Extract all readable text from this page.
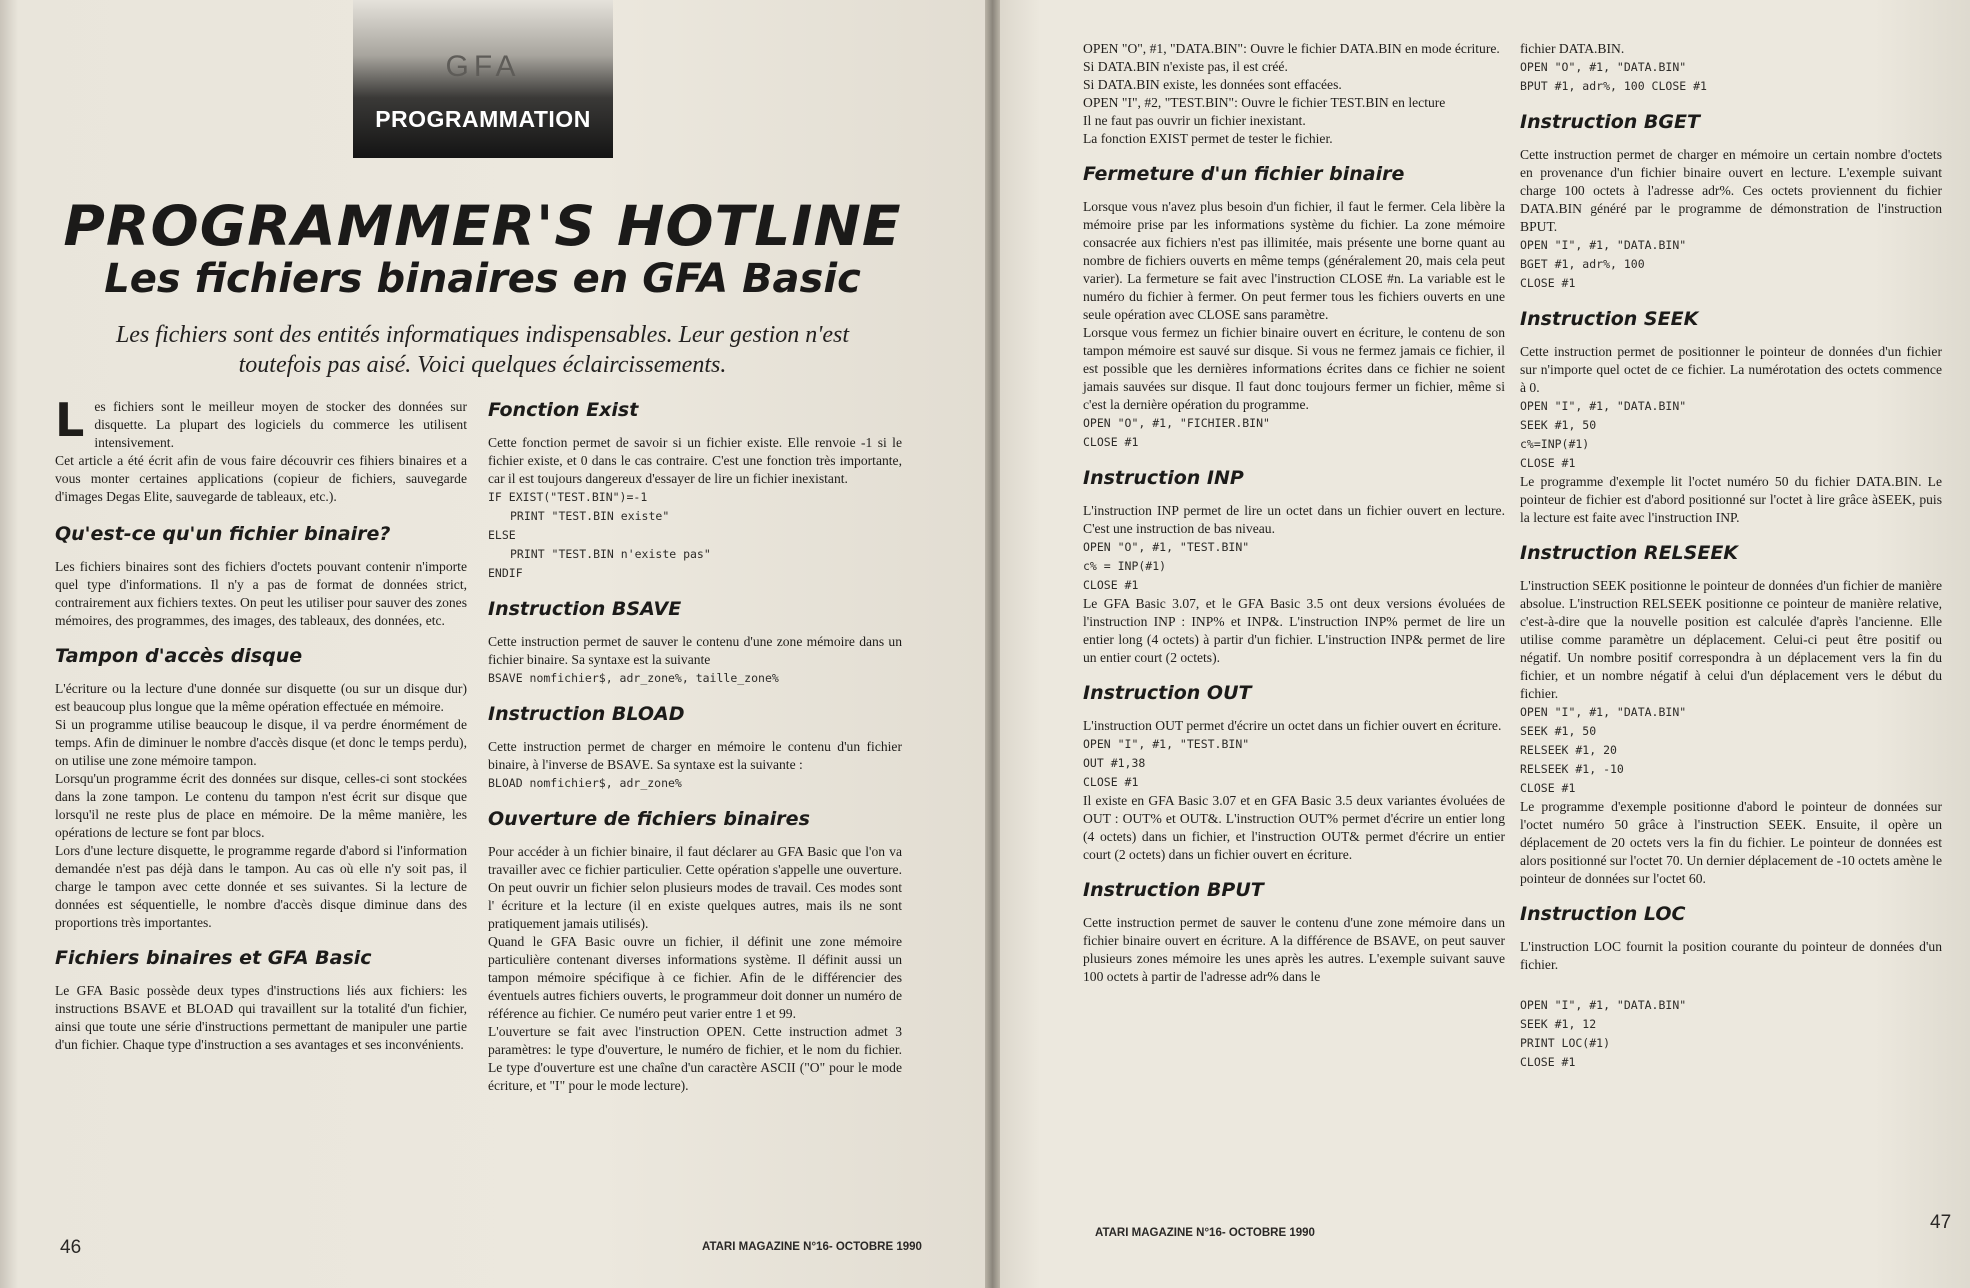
GFA
PROGRAMMATION
PROGRAMMER'S HOTLINE
Les fichiers binaires en GFA Basic
Les fichiers sont des entités informatiques indispensables. Leur gestion n'est toutefois pas aisé. Voici quelques éclaircissements.

Les fichiers sont le meilleur moyen de stocker des données sur disquette. La plupart des logiciels du commerce les utilisent intensivement.

Cet article a été écrit afin de vous faire découvrir ces fihiers binaires et a vous monter certaines applications (copieur de fichiers, sauvegarde d'images Degas Elite, sauvegarde de tableaux, etc.).

Qu'est-ce qu'un fichier binaire?

Les fichiers binaires sont des fichiers d'octets pouvant contenir n'importe quel type d'informations. Il n'y a pas de format de données strict, contrairement aux fichiers textes. On peut les utiliser pour sauver des zones mémoires, des programmes, des images, des tableaux, des données, etc.

Tampon d'accès disque

L'écriture ou la lecture d'une donnée sur disquette (ou sur un disque dur) est beaucoup plus longue que la même opération effectuée en mémoire.

Si un programme utilise beaucoup le disque, il va perdre énormément de temps. Afin de diminuer le nombre d'accès disque (et donc le temps perdu), on utilise une zone mémoire tampon.

Lorsqu'un programme écrit des données sur disque, celles-ci sont stockées dans la zone tampon. Le contenu du tampon n'est écrit sur disque que lorsqu'il ne reste plus de place en mémoire. De la même manière, les opérations de lecture se font par blocs.

Lors d'une lecture disquette, le programme regarde d'abord si l'information demandée n'est pas déjà dans le tampon. Au cas où elle n'y soit pas, il charge le tampon avec cette donnée et ses suivantes. Si la lecture de données est séquentielle, le nombre d'accès disque diminue dans des proportions très importantes.

Fichiers binaires et GFA Basic

Le GFA Basic possède deux types d'instructions liés aux fichiers: les instructions BSAVE et BLOAD qui travaillent sur la totalité d'un fichier, ainsi que toute une série d'instructions permettant de manipuler une partie d'un fichier. Chaque type d'instruction a ses avantages et ses inconvénients.

Fonction Exist

Cette fonction permet de savoir si un fichier existe. Elle renvoie -1 si le fichier existe, et 0 dans le cas contraire. C'est une fonction très importante, car il est toujours dangereux d'essayer de lire un fichier inexistant.

IF EXIST("TEST.BIN")=-1
PRINT "TEST.BIN existe"
ELSE
PRINT "TEST.BIN n'existe pas"
ENDIF
Instruction BSAVE

Cette instruction permet de sauver le contenu d'une zone mémoire dans un fichier binaire. Sa syntaxe est la suivante

BSAVE nomfichier$, adr_zone%, taille_zone%
Instruction BLOAD

Cette instruction permet de charger en mémoire le contenu d'un fichier binaire, à l'inverse de BSAVE. Sa syntaxe est la suivante :

BLOAD nomfichier$, adr_zone%
Ouverture de fichiers binaires

Pour accéder à un fichier binaire, il faut déclarer au GFA Basic que l'on va travailler avec ce fichier particulier. Cette opération s'appelle une ouverture. On peut ouvrir un fichier selon plusieurs modes de travail. Ces modes sont l' écriture et la lecture (il en existe quelques autres, mais ils ne sont pratiquement jamais utilisés).

Quand le GFA Basic ouvre un fichier, il définit une zone mémoire particulière contenant diverses informations système. Il définit aussi un tampon mémoire spécifique à ce fichier. Afin de le différencier des éventuels autres fichiers ouverts, le programmeur doit donner un numéro de référence au fichier. Ce numéro peut varier entre 1 et 99.

L'ouverture se fait avec l'instruction OPEN. Cette instruction admet 3 paramètres: le type d'ouverture, le numéro de fichier, et le nom du fichier. Le type d'ouverture est une chaîne d'un caractère ASCII ("O" pour le mode écriture, et "I" pour le mode lecture).

46	ATARI MAGAZINE N°16- OCTOBRE 1990

OPEN "O", #1, "DATA.BIN": Ouvre le fichier DATA.BIN en mode écriture.

Si DATA.BIN n'existe pas, il est créé.

Si DATA.BIN existe, les données sont effacées.

OPEN "I", #2, "TEST.BIN": Ouvre le fichier TEST.BIN en lecture

Il ne faut pas ouvrir un fichier inexistant.

La fonction EXIST permet de tester le fichier.

Fermeture d'un fichier binaire

Lorsque vous n'avez plus besoin d'un fichier, il faut le fermer. Cela libère la mémoire prise par les informations système du fichier. La zone mémoire consacrée aux fichiers n'est pas illimitée, mais présente une borne quant au nombre de fichiers ouverts en même temps (généralement 20, mais cela peut varier). La fermeture se fait avec l'instruction CLOSE #n. La variable est le numéro du fichier à fermer. On peut fermer tous les fichiers ouverts en une seule opération avec CLOSE sans paramètre.

Lorsque vous fermez un fichier binaire ouvert en écriture, le contenu de son tampon mémoire est sauvé sur disque. Si vous ne fermez jamais ce fichier, il est possible que les dernières informations écrites dans ce fichier ne soient jamais sauvées sur disque. Il faut donc toujours fermer un fichier, même si c'est la dernière opération du programme.

OPEN "O", #1, "FICHIER.BIN"
CLOSE #1
Instruction INP

L'instruction INP permet de lire un octet dans un fichier ouvert en lecture. C'est une instruction de bas niveau.

OPEN "O", #1, "TEST.BIN"
c% = INP(#1)
CLOSE #1

Le GFA Basic 3.07, et le GFA Basic 3.5 ont deux versions évoluées de l'instruction INP : INP% et INP&. L'instruction INP% permet de lire un entier long (4 octets) à partir d'un fichier. L'instruction INP& permet de lire un entier court (2 octets).

Instruction OUT

L'instruction OUT permet d'écrire un octet dans un fichier ouvert en écriture.

OPEN "I", #1, "TEST.BIN"
OUT #1,38
CLOSE #1

Il existe en GFA Basic 3.07 et en GFA Basic 3.5 deux variantes évoluées de OUT : OUT% et OUT&. L'instruction OUT% permet d'écrire un entier long (4 octets) dans un fichier, et l'instruction OUT& permet d'écrire un entier court (2 octets) dans un fichier ouvert en écriture.

Instruction BPUT

Cette instruction permet de sauver le contenu d'une zone mémoire dans un fichier binaire ouvert en écriture. A la différence de BSAVE, on peut sauver plusieurs zones mémoire les unes après les autres. L'exemple suivant sauve 100 octets à partir de l'adresse adr% dans le

fichier DATA.BIN.

OPEN "O", #1, "DATA.BIN"
BPUT #1, adr%, 100 CLOSE #1
Instruction BGET

Cette instruction permet de charger en mémoire un certain nombre d'octets en provenance d'un fichier binaire ouvert en lecture. L'exemple suivant charge 100 octets à l'adresse adr%. Ces octets proviennent du fichier DATA.BIN généré par le programme de démonstration de l'instruction BPUT.

OPEN "I", #1, "DATA.BIN"
BGET #1, adr%, 100
CLOSE #1
Instruction SEEK

Cette instruction permet de positionner le pointeur de données d'un fichier sur n'importe quel octet de ce fichier. La numérotation des octets commence à 0.

OPEN "I", #1, "DATA.BIN"
SEEK #1, 50
c%=INP(#1)
CLOSE #1

Le programme d'exemple lit l'octet numéro 50 du fichier DATA.BIN. Le pointeur de fichier est d'abord positionné sur l'octet à lire grâce àSEEK, puis la lecture est faite avec l'instruction INP.

Instruction RELSEEK

L'instruction SEEK positionne le pointeur de données d'un fichier de manière absolue. L'instruction RELSEEK positionne ce pointeur de manière relative, c'est-à-dire que la nouvelle position est calculée d'après l'ancienne. Elle utilise comme paramètre un déplacement. Celui-ci peut être positif ou négatif. Un nombre positif correspondra à un déplacement vers la fin du fichier, et un nombre négatif à celui d'un déplacement vers le début du fichier.

OPEN "I", #1, "DATA.BIN"
SEEK #1, 50
RELSEEK #1, 20
RELSEEK #1, -10
CLOSE #1

Le programme d'exemple positionne d'abord le pointeur de données sur l'octet numéro 50 grâce à l'instruction SEEK. Ensuite, il opère un déplacement de 20 octets vers la fin du fichier. Le pointeur de données est alors positionné sur l'octet 70. Un dernier déplacement de -10 octets amène le pointeur de données sur l'octet 60.

Instruction LOC

L'instruction LOC fournit la position courante du pointeur de données d'un fichier.

OPEN "I", #1, "DATA.BIN"
SEEK #1, 12
PRINT LOC(#1)
CLOSE #1
ATARI MAGAZINE N°16- OCTOBRE 1990	47
